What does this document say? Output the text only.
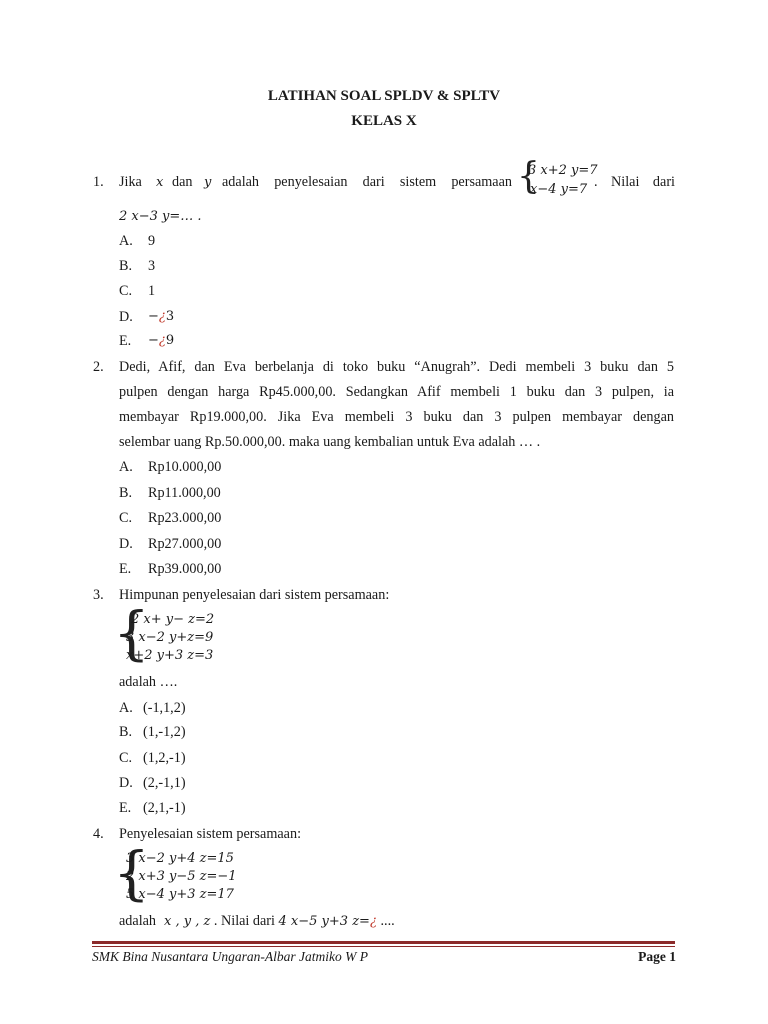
LATIHAN SOAL SPLDV & SPLTV
KELAS X
1. Jika x dan y adalah penyelesaian dari sistem persamaan {
3 x+2 y=7
x−4 y=7 . Nilai dari
2 x−3 y=… .
A. 9
B. 3
C. 1
D. −¿3
E. −¿9
2. Dedi, Afif, dan Eva berbelanja di toko buku “Anugrah”. Dedi membeli 3 buku dan 5
pulpen dengan harga Rp45.000,00. Sedangkan Afif membeli 1 buku dan 3 pulpen, ia
membayar Rp19.000,00. Jika Eva membeli 3 buku dan 3 pulpen membayar dengan
selembar uang Rp.50.000,00. maka uang kembalian untuk Eva adalah … .
A. Rp10.000,00
B. Rp11.000,00
C. Rp23.000,00
D. Rp27.000,00
E. Rp39.000,00
3. Himpunan penyelesaian dari sistem persamaan:
{
2 x+ y− z=2
3 x−2 y+z=9
x+2 y+3 z=3
adalah ….
A. (-1,1,2)
B. (1,-1,2)
C. (1,2,-1)
D. (2,-1,1)
E. (2,1,-1)
4. Penyelesaian sistem persamaan:
{
3 x−2 y+4 z=15
2 x+3 y−5 z=−1
5 x−4 y+3 z=17
adalah x , y , z . Nilai dari 4 x−5 y+3 z=¿ ....
SMK Bina Nusantara Ungaran-Albar Jatmiko W P	Page 1
